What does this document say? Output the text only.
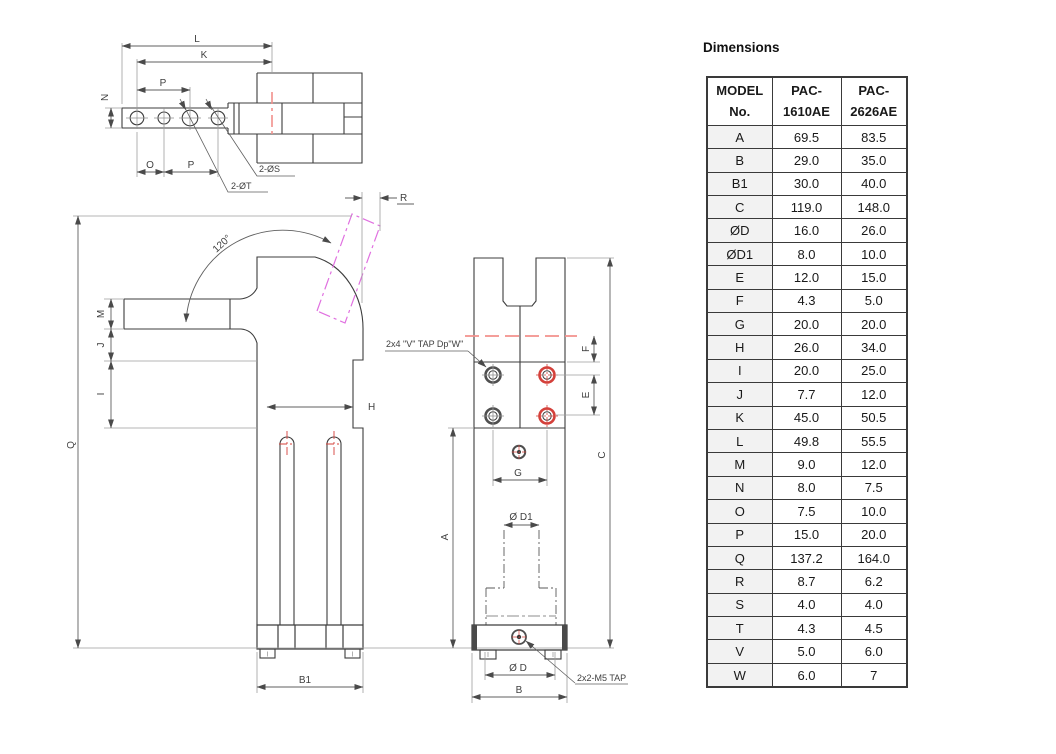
L
K
P
N
O	P
2-ØT
2-ØS
120°
Q
M
J
I
H
R
B1
C
A
F
E
G
Ø D1
Ø D
B
2x4 "V" TAP Dp"W"
2x2-M5 TAP
Dimensions
MODEL
No.

PAC-
1610AE

PAC-
2626AE

A	69.5	83.5
B	29.0	35.0
B1	30.0	40.0
C	119.0	148.0
ØD	16.0	26.0
ØD1	8.0	10.0
E	12.0	15.0
F	4.3	5.0
G	20.0	20.0
H	26.0	34.0
I	20.0	25.0
J	7.7	12.0
K	45.0	50.5
L	49.8	55.5
M	9.0	12.0
N	8.0	7.5
O	7.5	10.0
P	15.0	20.0
Q	137.2	164.0
R	8.7	6.2
S	4.0	4.0
T	4.3	4.5
V	5.0	6.0
W	6.0	7
